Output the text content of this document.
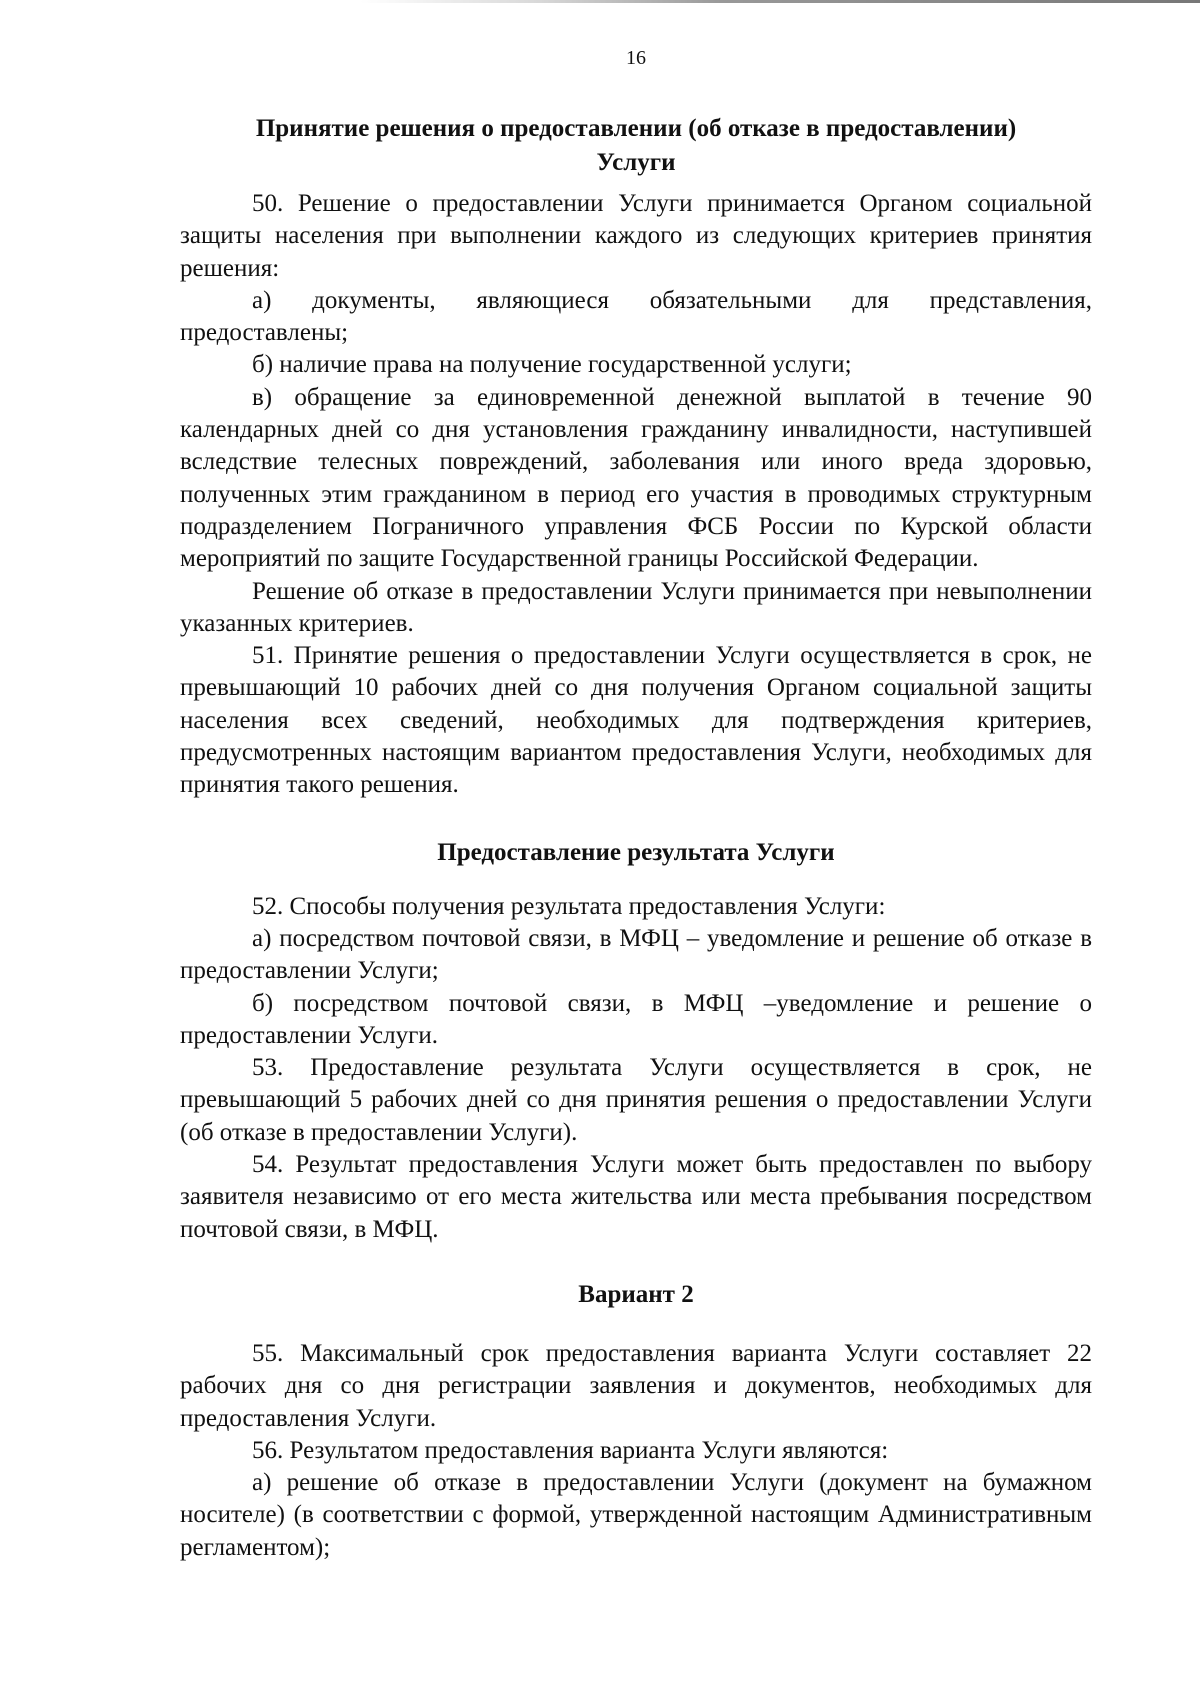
16
Принятие решения о предоставлении (об отказе в предоставлении)
Услуги

50. Решение о предоставлении Услуги принимается Органом социальной защиты населения при выполнении каждого из следующих критериев принятия решения:

а) документы, являющиеся обязательными для представления, предоставлены;

б) наличие права на получение государственной услуги;

в) обращение за единовременной денежной выплатой в течение 90 календарных дней со дня установления гражданину инвалидности, наступившей вследствие телесных повреждений, заболевания или иного вреда здоровью, полученных этим гражданином в период его участия в проводимых структурным подразделением Пограничного управления ФСБ России по Курской области мероприятий по защите Государственной границы Российской Федерации.

Решение об отказе в предоставлении Услуги принимается при невыполнении указанных критериев.

51. Принятие решения о предоставлении Услуги осуществляется в срок, не превышающий 10 рабочих дней со дня получения Органом социальной защиты населения всех сведений, необходимых для подтверждения критериев, предусмотренных настоящим вариантом предоставления Услуги, необходимых для принятия такого решения.

Предоставление результата Услуги

52. Способы получения результата предоставления Услуги:

а) посредством почтовой связи, в МФЦ – уведомление и решение об отказе в предоставлении Услуги;

б) посредством почтовой связи, в МФЦ –уведомление и решение о предоставлении Услуги.

53. Предоставление результата Услуги осуществляется в срок, не превышающий 5 рабочих дней со дня принятия решения о предоставлении Услуги (об отказе в предоставлении Услуги).

54. Результат предоставления Услуги может быть предоставлен по выбору заявителя независимо от его места жительства или места пребывания посредством почтовой связи, в МФЦ.

Вариант 2

55. Максимальный срок предоставления варианта Услуги составляет 22 рабочих дня со дня регистрации заявления и документов, необходимых для предоставления Услуги.

56. Результатом предоставления варианта Услуги являются:

а) решение об отказе в предоставлении Услуги (документ на бумажном носителе) (в соответствии с формой, утвержденной настоящим Административным регламентом);
